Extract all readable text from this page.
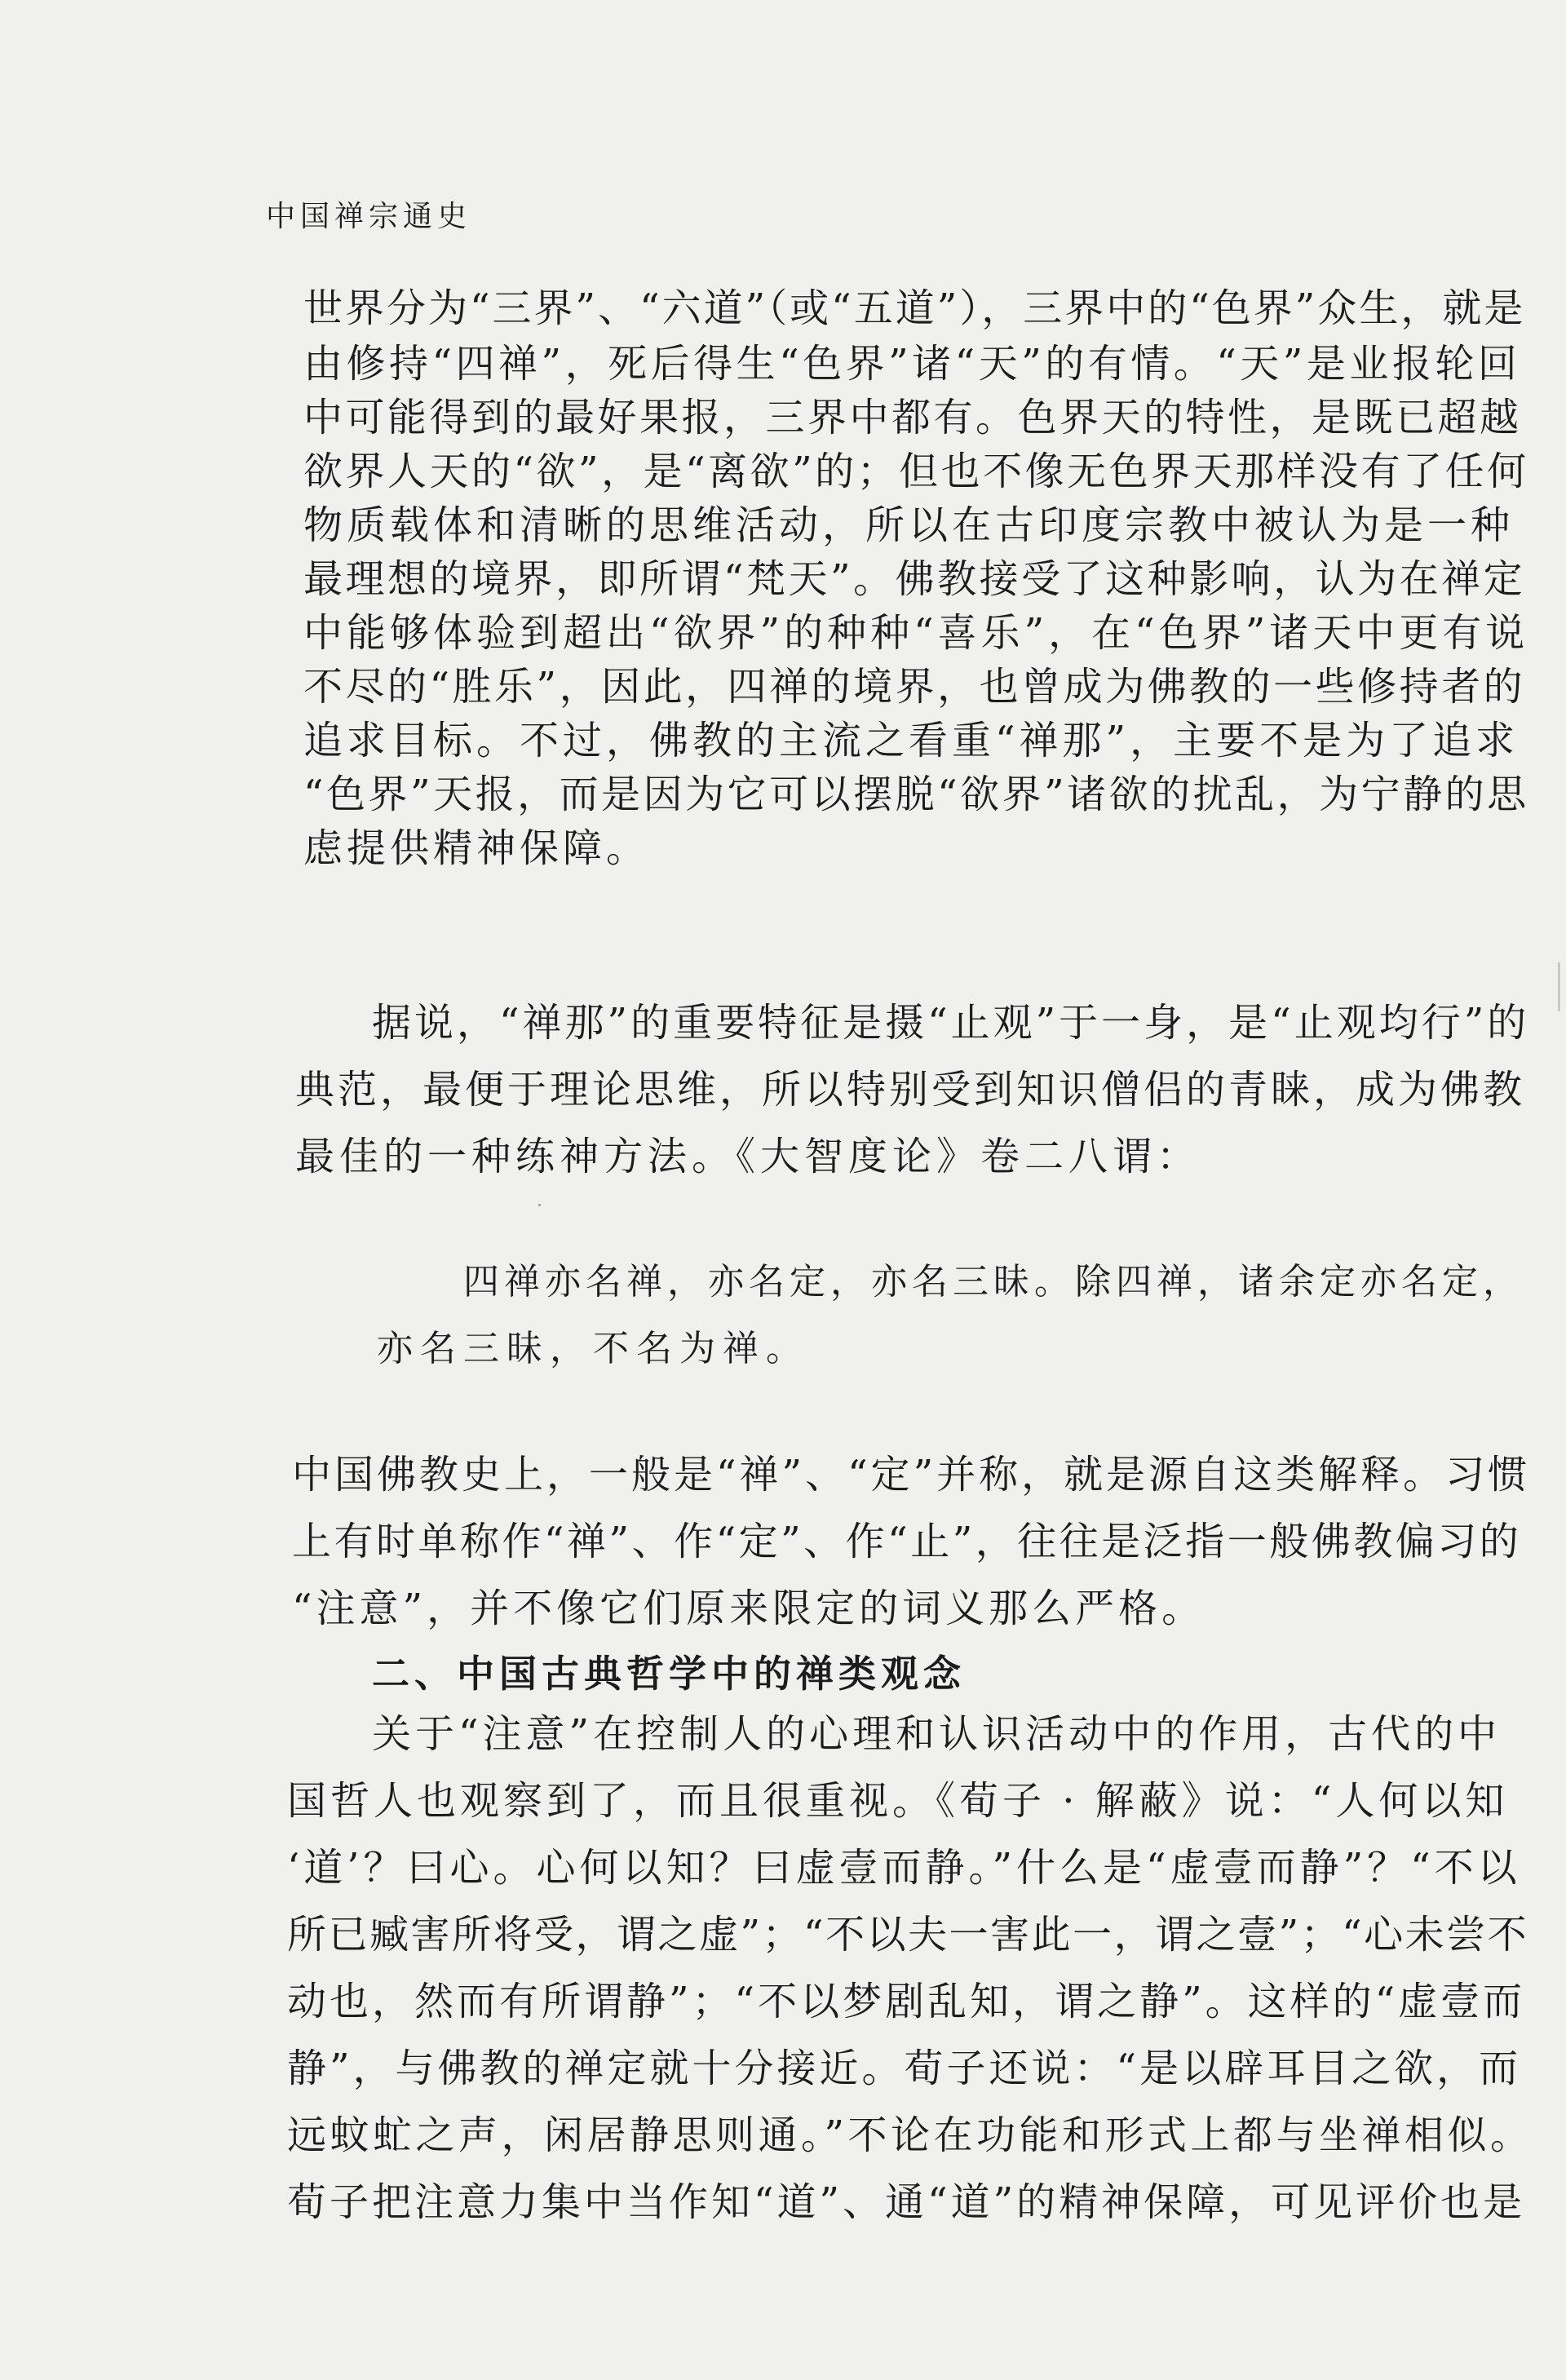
中国禅宗通史
世界分为“三界”、“六道”（或“五道”），三界中的“色界”众生，就是
由修持“四禅”，死后得生“色界”诸“天”的有情。“天”是业报轮回
中可能得到的最好果报，三界中都有。色界天的特性，是既已超越
欲界人天的“欲”，是“离欲”的；但也不像无色界天那样没有了任何
物质载体和清晰的思维活动，所以在古印度宗教中被认为是一种
最理想的境界，即所谓“梵天”。佛教接受了这种影响，认为在禅定
中能够体验到超出“欲界”的种种“喜乐”，在“色界”诸天中更有说
不尽的“胜乐”，因此，四禅的境界，也曾成为佛教的一些修持者的
追求目标。不过，佛教的主流之看重“禅那”，主要不是为了追求
“色界”天报，而是因为它可以摆脱“欲界”诸欲的扰乱，为宁静的思
虑提供精神保障。
据说，“禅那”的重要特征是摄“止观”于一身，是“止观均行”的
典范，最便于理论思维，所以特别受到知识僧侣的青睐，成为佛教
最佳的一种练神方法。《大智度论》卷二八谓：
四禅亦名禅，亦名定，亦名三昧。除四禅，诸余定亦名定，
亦名三昧，不名为禅。
中国佛教史上，一般是“禅”、“定”并称，就是源自这类解释。习惯
上有时单称作“禅”、作“定”、作“止”，往往是泛指一般佛教偏习的
“注意”，并不像它们原来限定的词义那么严格。
二、中国古典哲学中的禅类观念
关于“注意”在控制人的心理和认识活动中的作用，古代的中
国哲人也观察到了，而且很重视。《荀子 · 解蔽》说：“人何以知
‘道’？曰心。心何以知？曰虚壹而静。”什么是“虚壹而静”？“不以
所已臧害所将受，谓之虚”；“不以夫一害此一，谓之壹”；“心未尝不
动也，然而有所谓静”；“不以梦剧乱知，谓之静”。这样的“虚壹而
静”，与佛教的禅定就十分接近。荀子还说：“是以辟耳目之欲，而
远蚊虻之声，闲居静思则通。”不论在功能和形式上都与坐禅相似。
荀子把注意力集中当作知“道”、通“道”的精神保障，可见评价也是
